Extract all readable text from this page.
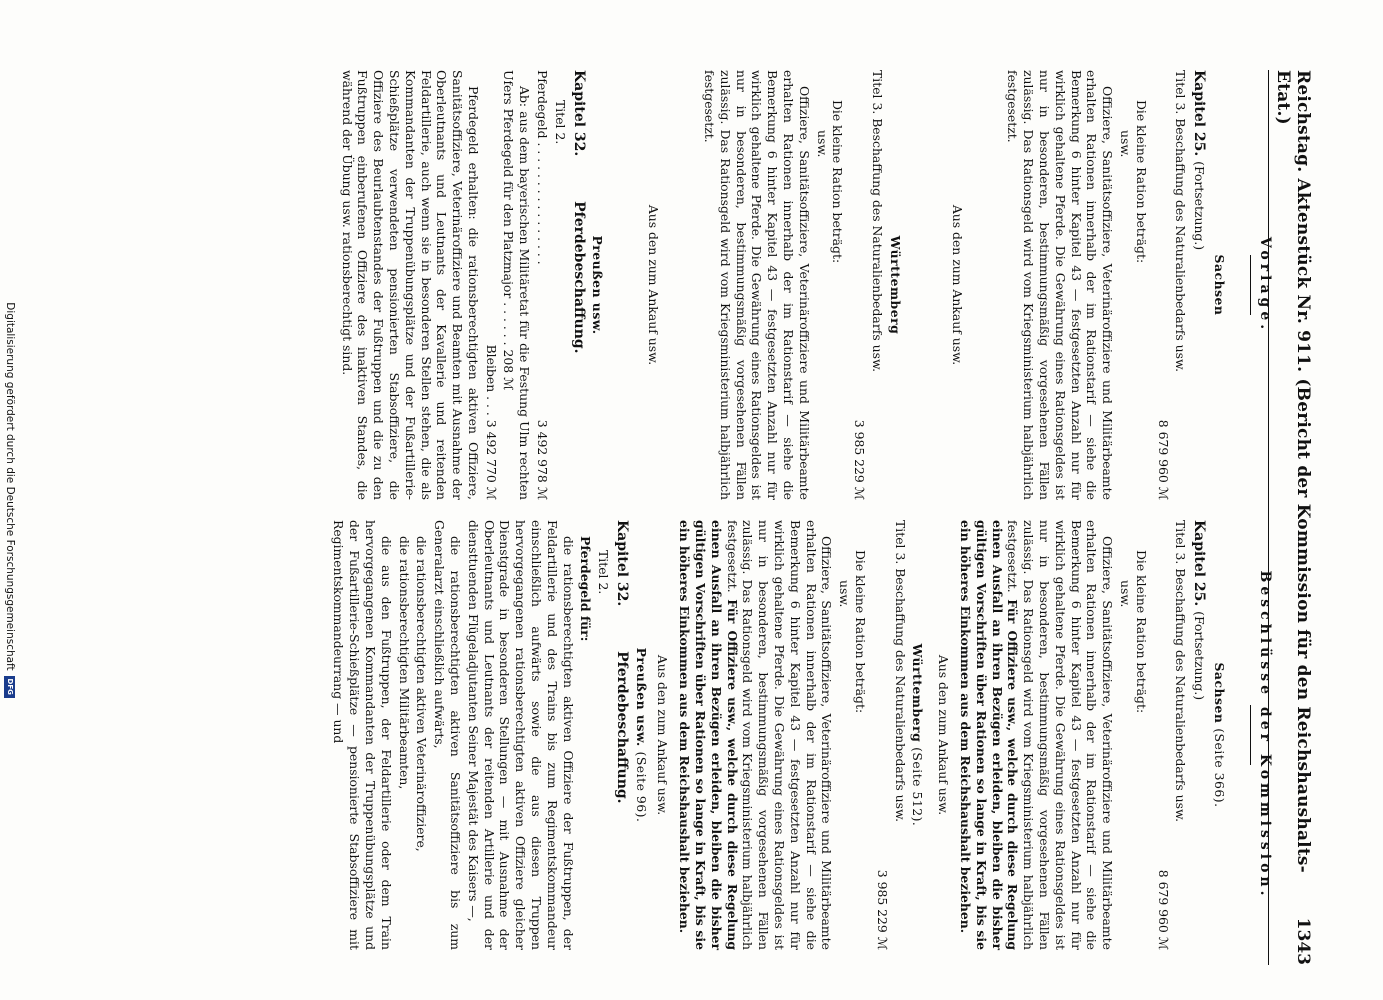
Reichstag. Aktenstück Nr. 911. (Bericht der Kommission für den Reichshaushalts-Etat.)
1343
Vorlage.
Beschlüsse der Kommission.

Sachsen

Kapitel 25. (Fortsetzung.)

Titel 3. Beschaffung des Naturalienbedarfs usw.

8 679 960 ℳ

Die kleine Ration beträgt:

usw.

Offiziere, Sanitätsoffiziere, Veterinäroffiziere und Militärbeamte erhalten Rationen innerhalb der im Rationstarif — siehe die Bemerkung 6 hinter Kapitel 43 — festgesetzten Anzahl nur für wirklich gehaltene Pferde. Die Gewährung eines Rationsgeldes ist nur in besonderen, bestimmungsmäßig vorgesehenen Fällen zulässig. Das Rationsgeld wird vom Kriegsministerium halbjährlich festgesetzt.

Aus den zum Ankauf usw.

Württemberg

Titel 3. Beschaffung des Naturalienbedarfs usw.

3 985 229 ℳ

Die kleine Ration beträgt:

usw.

Offiziere, Sanitätsoffiziere, Veterinäroffiziere und Militärbeamte erhalten Rationen innerhalb der im Rationstarif — siehe die Bemerkung 6 hinter Kapitel 43 — festgesetzten Anzahl nur für wirklich gehaltene Pferde. Die Gewährung eines Rationsgeldes ist nur in besonderen, bestimmungsmäßig vorgesehenen Fällen zulässig. Das Rationsgeld wird vom Kriegsministerium halbjährlich festgesetzt.

Aus den zum Ankauf usw.

Preußen usw.

Kapitel 32. Pferdebeschaffung.

Titel 2.

Pferdegeld . . . . . . . . . . . . . . . .
3 492 978 ℳ

Ab: aus dem bayerischen Militäretat für die Festung Ulm rechten Ufers Pferdegeld für den Platzmajor . . . . . . 208 ℳ

Bleiben . . . 3 492 770 ℳ

Pferdegeld erhalten: die rationsberechtigten aktiven Offiziere, Sanitätsoffiziere, Veterinäroffiziere und Beamten mit Ausnahme der Oberleutnants und Leutnants der Kavallerie und reitenden Feldartillerie, auch wenn sie in besonderen Stellen stehen, die als Kommandanten der Truppenübungsplätze und der Fußartillerie-Schießplätze verwendeten pensionierten Stabsoffiziere, die Offiziere des Beurlaubtenstandes der Fußtruppen und die zu den Fußtruppen einberufenen Offiziere des inaktiven Standes, die während der Übung usw. rationsberechtigt sind.

Sachsen (Seite 366).

Kapitel 25. (Fortsetzung.)

Titel 3. Beschaffung des Naturalienbedarfs usw.

8 679 960 ℳ

Die kleine Ration beträgt:

usw.

Offiziere, Sanitätsoffiziere, Veterinäroffiziere und Militärbeamte erhalten Rationen innerhalb der im Rationstarif — siehe die Bemerkung 6 hinter Kapitel 43 — festgesetzten Anzahl nur für wirklich gehaltene Pferde. Die Gewährung eines Rationsgeldes ist nur in besonderen, bestimmungsmäßig vorgesehenen Fällen zulässig. Das Rationsgeld wird vom Kriegsministerium halbjährlich festgesetzt. Für Offiziere usw., welche durch diese Regelung einen Ausfall an ihren Bezügen erleiden, bleiben die bisher gültigen Vorschriften über Rationen so lange in Kraft, bis sie ein höheres Einkommen aus dem Reichshaushalt beziehen.

Aus den zum Ankauf usw.

Württemberg (Seite 512).

Titel 3. Beschaffung des Naturalienbedarfs usw.

3 985 229 ℳ

Die kleine Ration beträgt:

usw.

Offiziere, Sanitätsoffiziere, Veterinäroffiziere und Militärbeamte erhalten Rationen innerhalb der im Rationstarif — siehe die Bemerkung 6 hinter Kapitel 43 — festgesetzten Anzahl nur für wirklich gehaltene Pferde. Die Gewährung eines Rationsgeldes ist nur in besonderen, bestimmungsmäßig vorgesehenen Fällen zulässig. Das Rationsgeld wird vom Kriegsministerium halbjährlich festgesetzt. Für Offiziere usw., welche durch diese Regelung einen Ausfall an ihren Bezügen erleiden, bleiben die bisher gültigen Vorschriften über Rationen so lange in Kraft, bis sie ein höheres Einkommen aus dem Reichshaushalt beziehen.

Aus den zum Ankauf usw.

Preußen usw. (Seite 96).

Kapitel 32. Pferdebeschaffung.

Titel 2.

Pferdegeld für:

die rationsberechtigten aktiven Offiziere der Fußtruppen, der Feldartillerie und des Trains bis zum Regimentskommandeur einschließlich aufwärts sowie die aus diesen Truppen hervorgegangenen rationsberechtigten aktiven Offiziere gleicher Dienstgrade in besonderen Stellungen — mit Ausnahme der Oberleutnants und Leutnants der reitenden Artillerie und der diensttuenden Flügeladjutanten Seiner Majestät des Kaisers —,

die rationsberechtigten aktiven Sanitätsoffiziere bis zum Generalarzt einschließlich aufwärts,

die rationsberechtigten aktiven Veterinäroffiziere,

die rationsberechtigten Militärbeamten,

die aus den Fußtruppen, der Feldartillerie oder dem Train hervorgegangenen Kommandanten der Truppenübungsplätze und der Fußartillerie-Schießplätze — pensionierte Stabsoffiziere mit Regimentskommandeurrang — und

Digitalisierung gefördert durch die Deutsche Forschungsgemeinschaft
DFG
